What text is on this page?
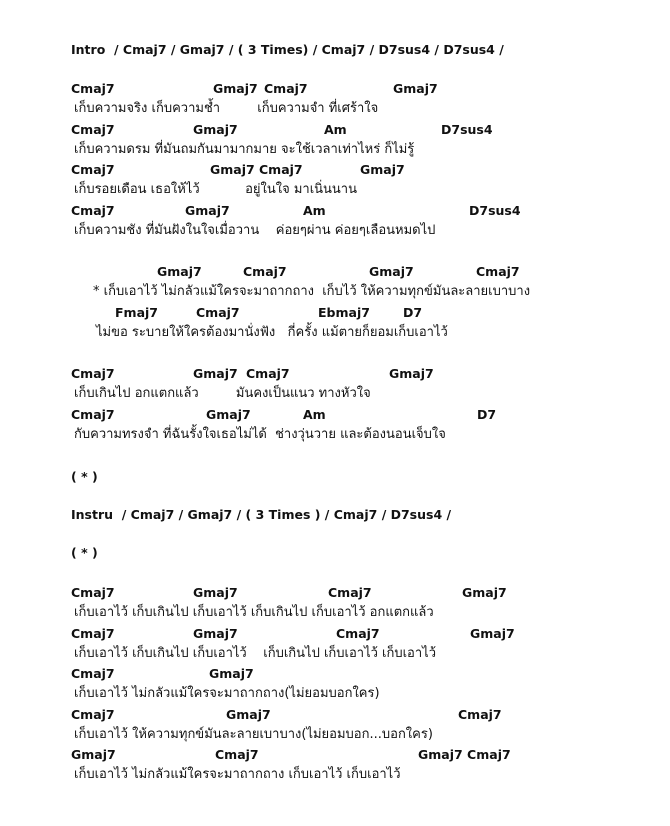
Intro / Cmaj7 / Gmaj7 / ( 3 Times) / Cmaj7 / D7sus4 / D7sus4 /
( * )
Instru / Cmaj7 / Gmaj7 / ( 3 Times ) / Cmaj7 / D7sus4 /
( * )
Cmaj7	Gmaj7 Cmaj7	Gmaj7
เก็บความจริง เก็บความช้ำ         เก็บความจำ ที่เศร้าใจ
Cmaj7	Gmaj7	Am	D7sus4
เก็บความดรม ที่มันถมกันมามากมาย จะใช้เวลาเท่าไหร่ ก็ไม่รู้
Cmaj7	Gmaj7 Cmaj7	Gmaj7
เก็บรอยเดือน เธอให้ไว้           อยู่ในใจ มาเนิ่นนาน
Cmaj7	Gmaj7	Am	D7sus4
เก็บความชัง ที่มันฝังในใจเมื่อวาน    ค่อยๆผ่าน ค่อยๆเลือนหมดไป
Gmaj7	Cmaj7	Gmaj7	Cmaj7
* เก็บเอาไว้ ไม่กลัวแม้ใครจะมาถากถาง  เก็บไว้ ให้ความทุกข์มันละลายเบาบาง
Fmaj7	Cmaj7	Ebmaj7	D7
ไม่ขอ ระบายให้ใครต้องมานั่งฟัง   กี่ครั้ง แม้ตายก็ยอมเก็บเอาไว้
Cmaj7	Gmaj7 Cmaj7	Gmaj7
เก็บเกินไป อกแตกแล้ว         มันคงเป็นแนว ทางหัวใจ
Cmaj7	Gmaj7	Am	D7
กับความทรงจำ ที่ฉันรั้งใจเธอไม่ได้  ช่างวุ่นวาย และต้องนอนเจ็บใจ
Cmaj7	Gmaj7	Cmaj7	Gmaj7
เก็บเอาไว้ เก็บเกินไป เก็บเอาไว้ เก็บเกินไป เก็บเอาไว้ อกแตกแล้ว
Cmaj7	Gmaj7	Cmaj7	Gmaj7
เก็บเอาไว้ เก็บเกินไป เก็บเอาไว้    เก็บเกินไป เก็บเอาไว้ เก็บเอาไว้
Cmaj7	Gmaj7
เก็บเอาไว้ ไม่กลัวแม้ใครจะมาถากถาง(ไม่ยอมบอกใคร)
Cmaj7	Gmaj7	Cmaj7
เก็บเอาไว้ ให้ความทุกข์มันละลายเบาบาง(ไม่ยอมบอก...บอกใคร)
Gmaj7	Cmaj7	Gmaj7 Cmaj7
เก็บเอาไว้ ไม่กลัวแม้ใครจะมาถากถาง เก็บเอาไว้ เก็บเอาไว้
